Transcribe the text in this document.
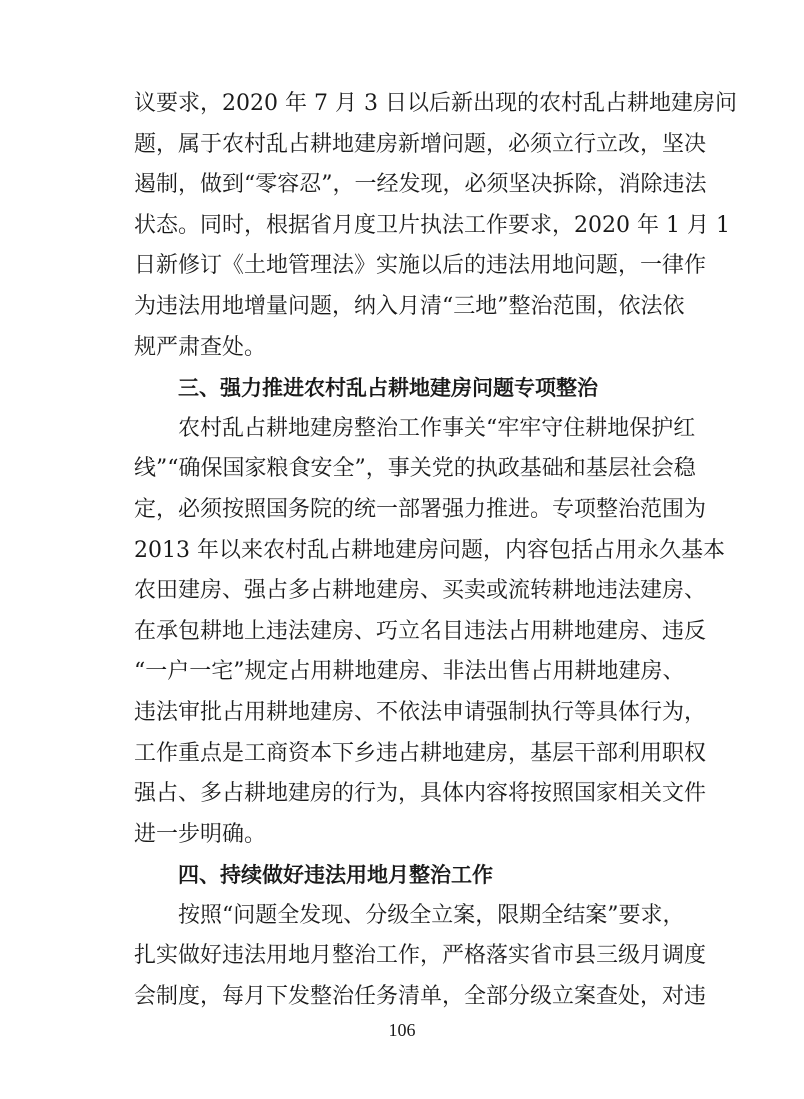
议要求，2020 年 7 月 3 日以后新出现的农村乱占耕地建房问
题，属于农村乱占耕地建房新增问题，必须立行立改，坚决
遏制，做到“零容忍”，一经发现，必须坚决拆除，消除违法
状态。同时，根据省月度卫片执法工作要求，2020 年 1 月 1
日新修订《土地管理法》实施以后的违法用地问题，一律作
为违法用地增量问题，纳入月清“三地”整治范围，依法依
规严肃查处。
三、强力推进农村乱占耕地建房问题专项整治
农村乱占耕地建房整治工作事关“牢牢守住耕地保护红
线”“确保国家粮食安全”，事关党的执政基础和基层社会稳
定，必须按照国务院的统一部署强力推进。专项整治范围为
2013 年以来农村乱占耕地建房问题，内容包括占用永久基本
农田建房、强占多占耕地建房、买卖或流转耕地违法建房、
在承包耕地上违法建房、巧立名目违法占用耕地建房、违反
“一户一宅”规定占用耕地建房、非法出售占用耕地建房、
违法审批占用耕地建房、不依法申请强制执行等具体行为，
工作重点是工商资本下乡违占耕地建房，基层干部利用职权
强占、多占耕地建房的行为，具体内容将按照国家相关文件
进一步明确。
四、持续做好违法用地月整治工作
按照“问题全发现、分级全立案，限期全结案”要求，
扎实做好违法用地月整治工作，严格落实省市县三级月调度
会制度，每月下发整治任务清单，全部分级立案查处，对违
106
